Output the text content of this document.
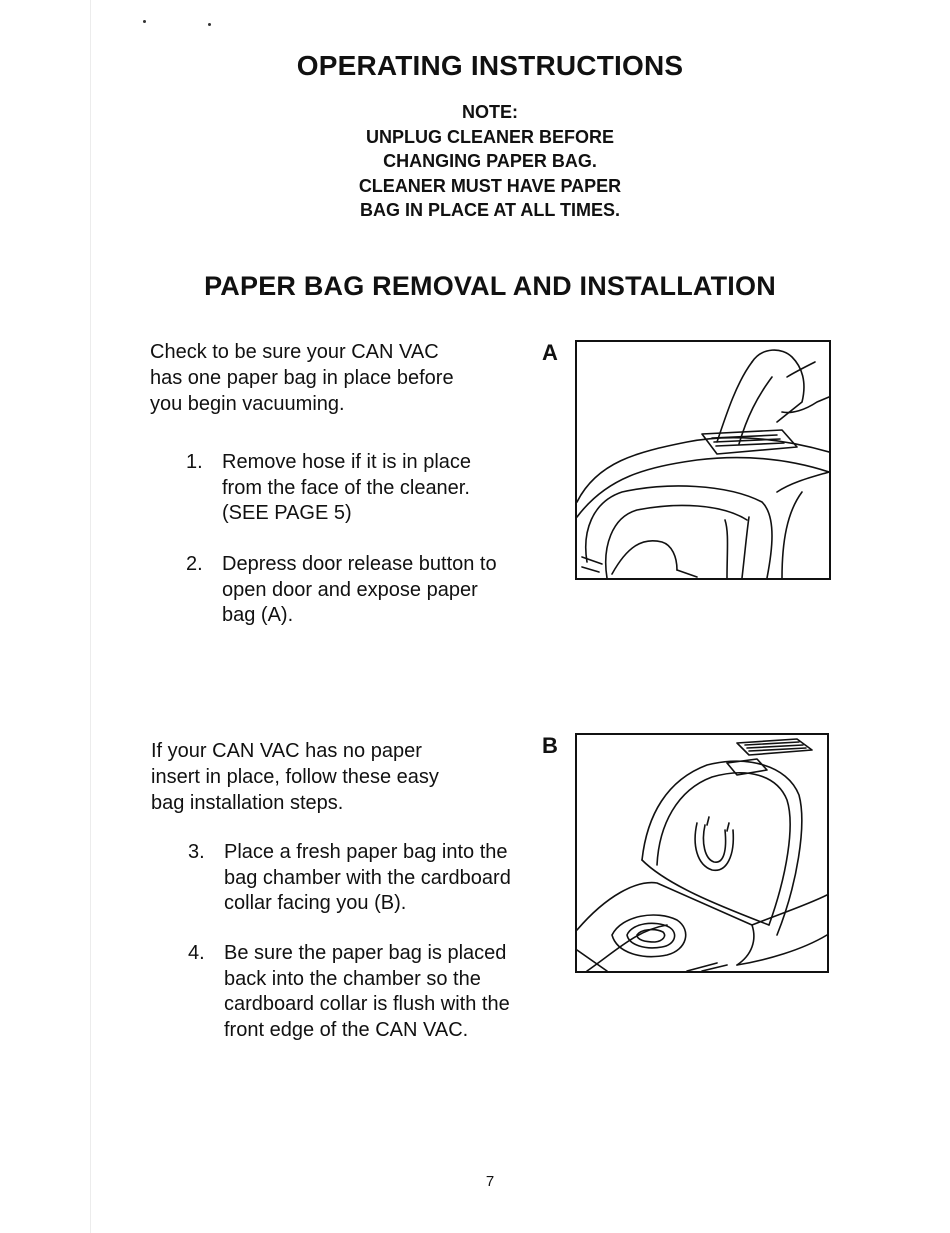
OPERATING INSTRUCTIONS
NOTE:
UNPLUG CLEANER BEFORE
CHANGING PAPER BAG.
CLEANER MUST HAVE PAPER
BAG IN PLACE AT ALL TIMES.
PAPER BAG REMOVAL AND INSTALLATION
Check to be sure your CAN VAC
has one paper bag in place before
you begin vacuuming.
1. Remove hose if it is in place
from the face of the cleaner.
(SEE PAGE 5)
2. Depress door release button to
open door and expose paper
bag (A).
A
If your CAN VAC has no paper
insert in place, follow these easy
bag installation steps.
3. Place a fresh paper bag into the
bag chamber with the cardboard
collar facing you (B).
4. Be sure the paper bag is placed
back into the chamber so the
cardboard collar is flush with the
front edge of the CAN VAC.
B
7
